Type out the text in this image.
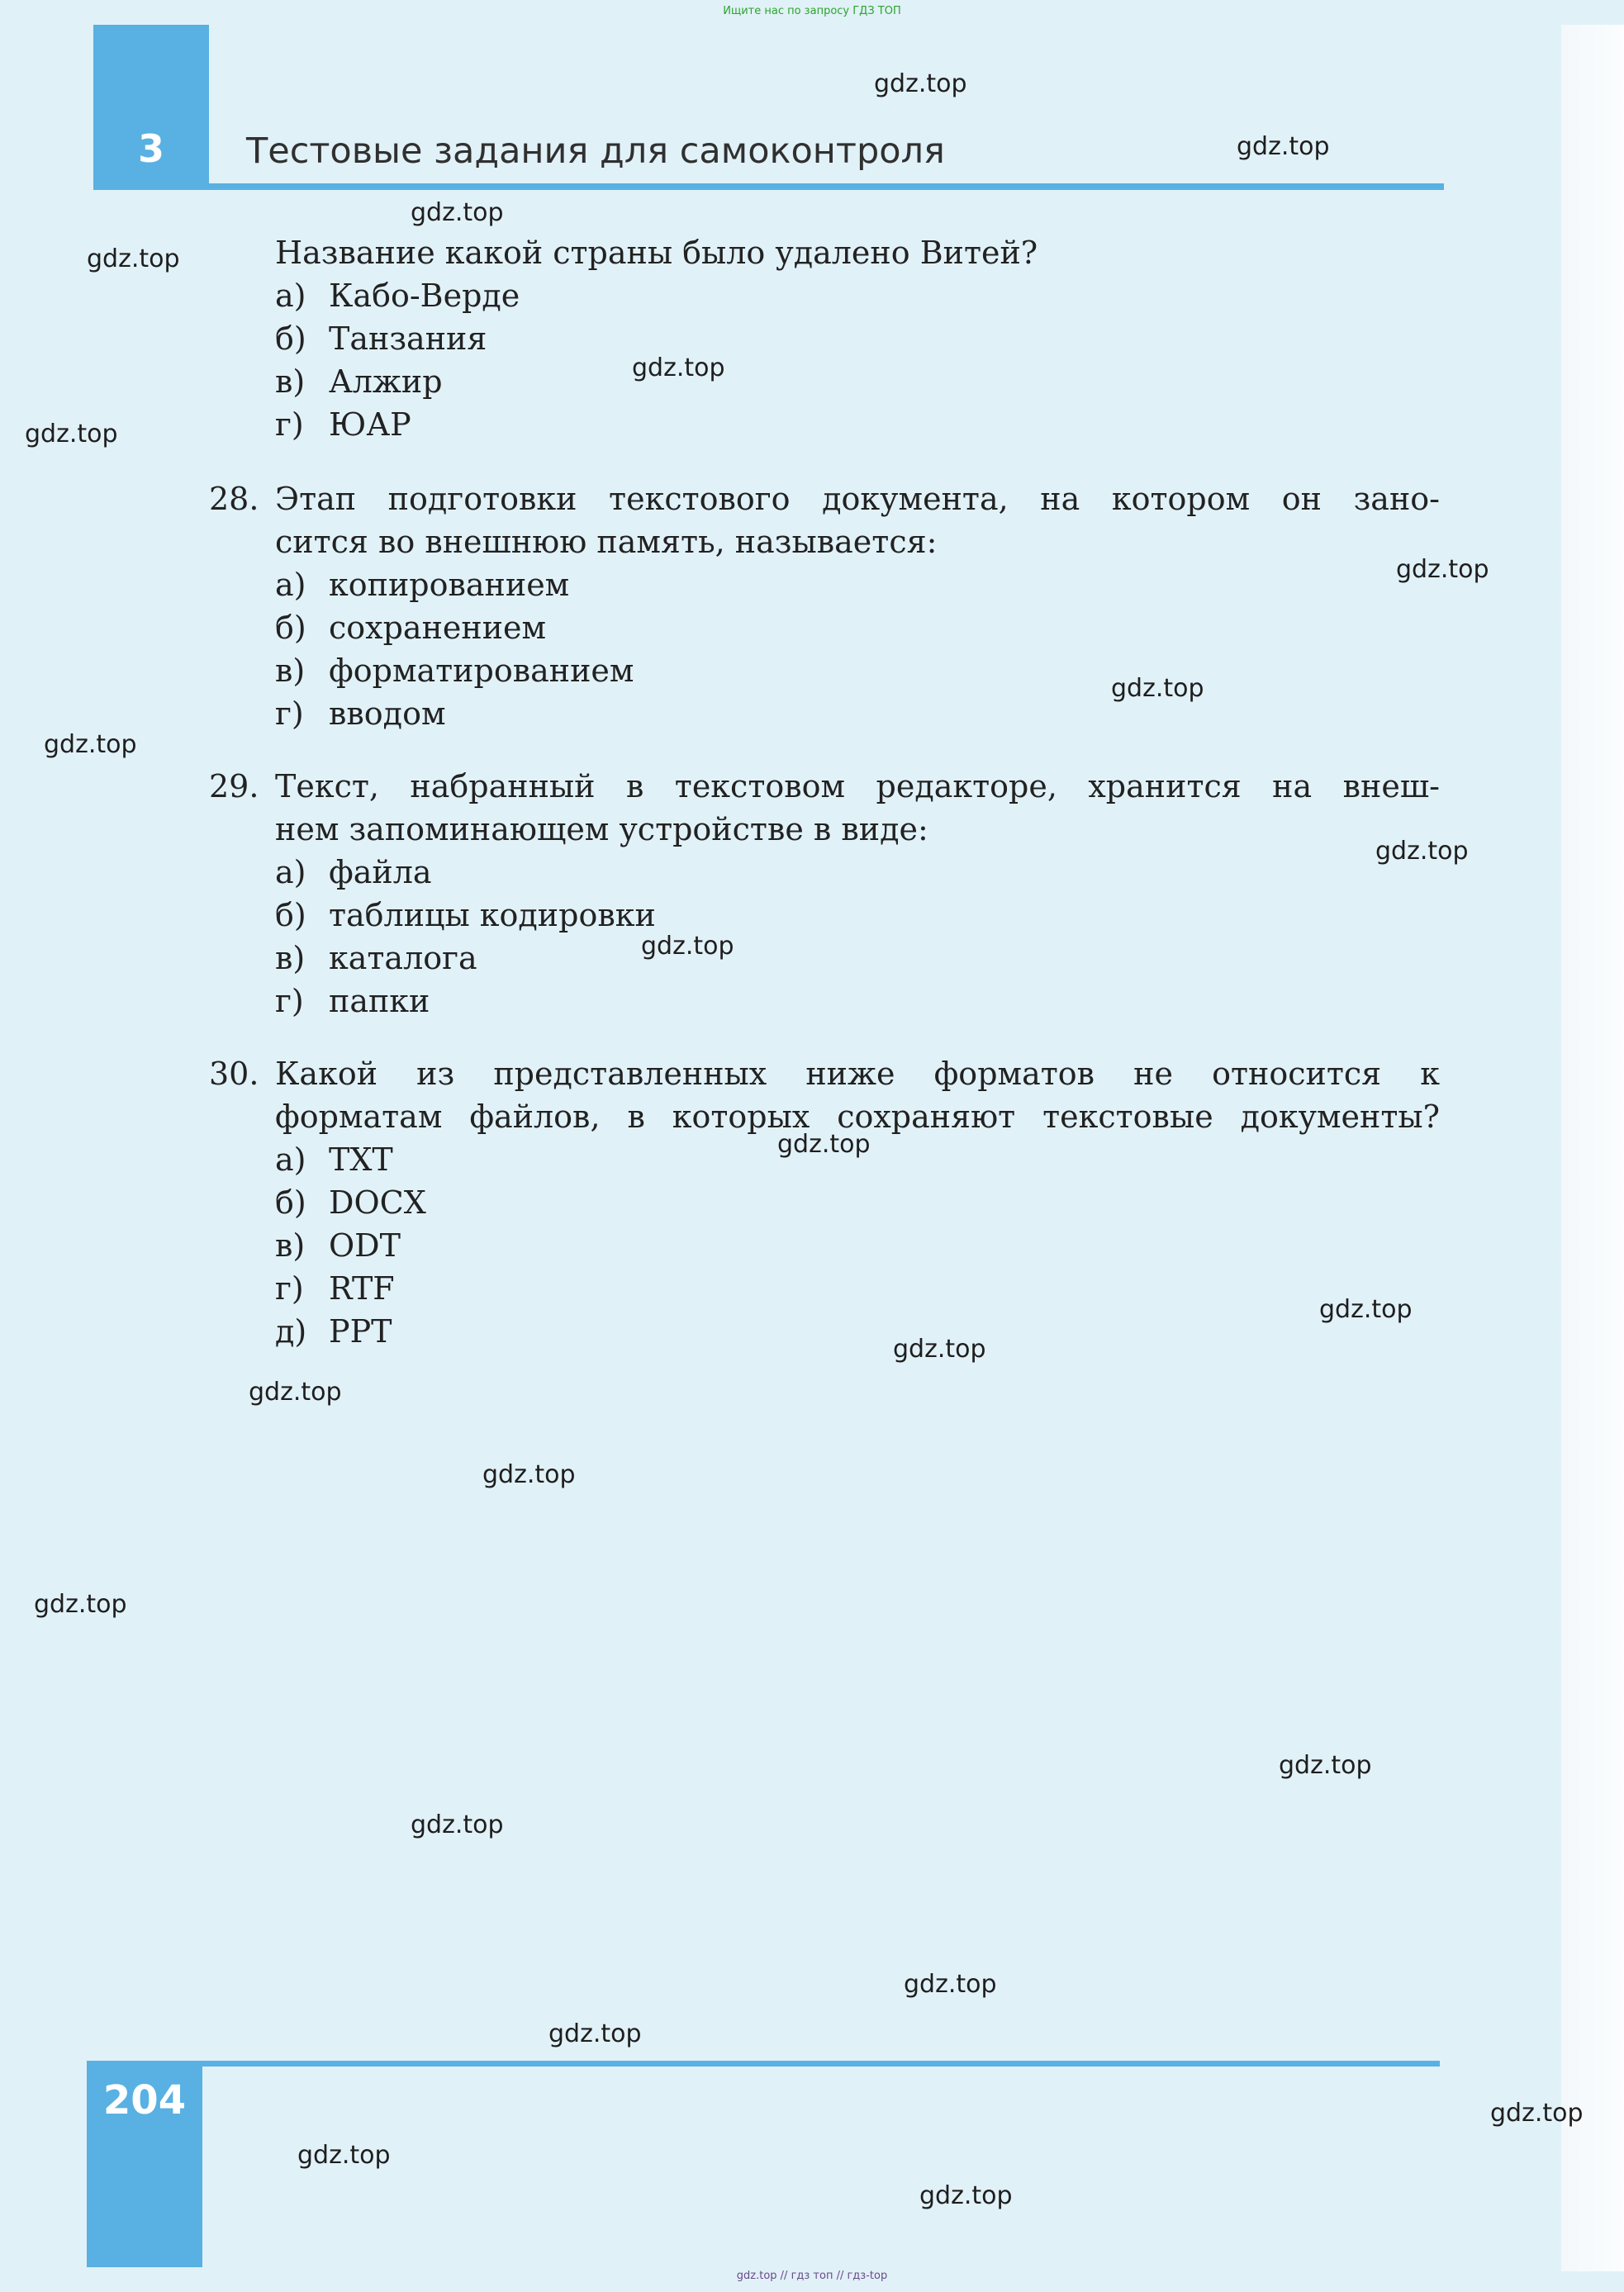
Ищите нас по запросу ГДЗ ТОП
3	Тестовые задания для самоконтроля
Название какой страны было удалено Витей?
а) Кабо-Верде
б) Танзания
в) Алжир
г) ЮАР
28. Этап подготовки текстового документа, на котором он зано-
сится во внешнюю память, называется:
а) копированием
б) сохранением
в) форматированием
г) вводом
29. Текст, набранный в текстовом редакторе, хранится на внеш-
нем запоминающем устройстве в виде:
а) файла
б) таблицы кодировки
в) каталога
г) папки
30. Какой из представленных ниже форматов не относится к
форматам файлов, в которых сохраняют текстовые документы?
а) TXT
б) DOCX
в) ODT
г) RTF
д) PPT
gdz.top
gdz.top
gdz.top
gdz.top
gdz.top
gdz.top
gdz.top
gdz.top
gdz.top
gdz.top
gdz.top
gdz.top
gdz.top
gdz.top
gdz.top
gdz.top
gdz.top
gdz.top
gdz.top
gdz.top
gdz.top
gdz.top
gdz.top
gdz.top
204
gdz.top // гдз топ // гдз-top
